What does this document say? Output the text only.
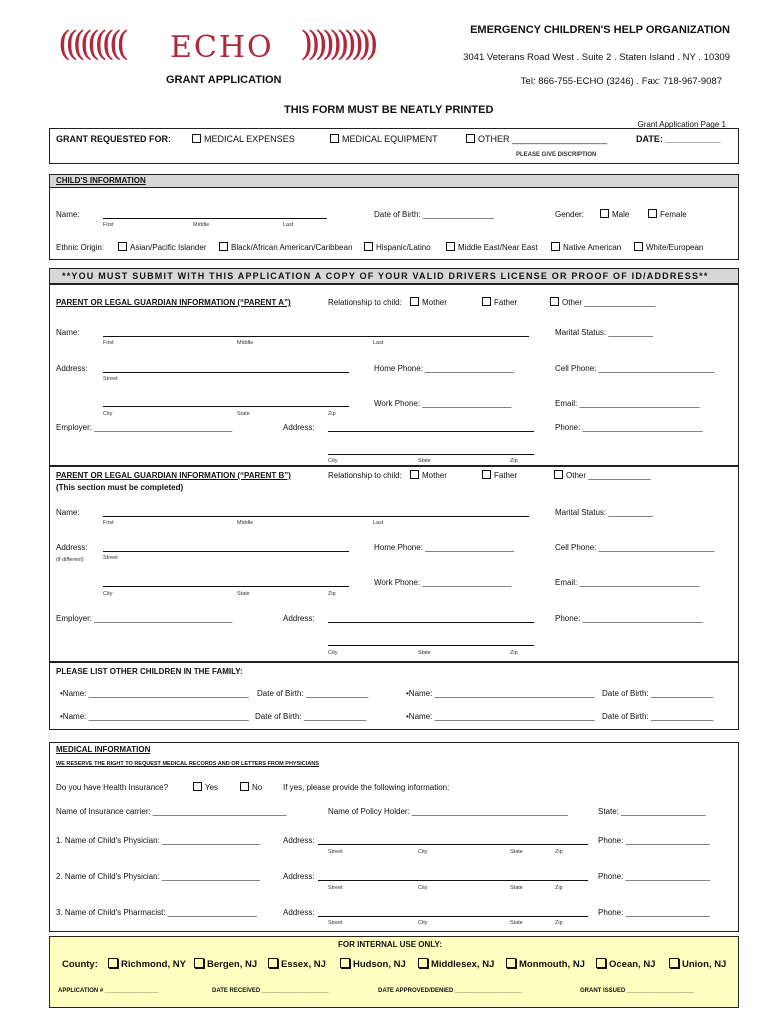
((((((((( ECHO ))))))))))
GRANT APPLICATION
EMERGENCY CHILDREN'S HELP ORGANIZATION
3041 Veterans Road West . Suite 2 . Staten Island . NY . 10309
Tel: 866-755-ECHO (3246) . Fax: 718-967-9087
THIS FORM MUST BE NEATLY PRINTED
Grant Application Page 1
GRANT REQUESTED FOR:	MEDICAL EXPENSES	MEDICAL EQUIPMENT	OTHER ___________________	DATE: ___________
PLEASE GIVE DISCRIPTION
CHILD'S INFORMATION
Name:
First	Middle	Last
Date of Birth: ________________	Gender:	Male	Female
Ethnic Origin:	Asian/Pacific Islander	Black/African American/Caribbean	Hispanic/Latino	Middle East/Near East	Native American	White/European
**YOU MUST SUBMIT WITH THIS APPLICATION A COPY OF YOUR VALID DRIVERS LICENSE OR PROOF OF ID/ADDRESS**
PARENT OR LEGAL GUARDIAN INFORMATION (“PARENT A”)	Relationship to child:	Mother	Father	Other ________________
Name:
First	Middle	Last
Marital Status: __________
Address:
Street
Home Phone: ____________________	Cell Phone: __________________________
City	State	Zip
Work Phone: ____________________	Email: ___________________________
Employer: _______________________________	Address:
City	State	Zip
Phone: ___________________________
PARENT OR LEGAL GUARDIAN INFORMATION (“PARENT B”)
(This section must be completed)
Relationship to child:	Mother	Father	Other ______________
Name:
First	Middle	Last
Marital Status: __________
Address:
(if different)	Street
Home Phone: ____________________	Cell Phone: __________________________
City	State	Zip
Work Phone: ____________________	Email: ___________________________
Employer: _______________________________	Address:
City	State	Zip
Phone: ___________________________
PLEASE LIST OTHER CHILDREN IN THE FAMILY:
•Name: ____________________________________ Date of Birth: ______________	•Name: ____________________________________ Date of Birth: ______________
•Name: ____________________________________ Date of Birth: ______________	•Name: ____________________________________ Date of Birth: ______________
MEDICAL INFORMATION
WE RESERVE THE RIGHT TO REQUEST MEDICAL RECORDS AND OR LETTERS FROM PHYSICIANS
Do you have Health Insurance?	Yes	No	If yes, please provide the following information:
Name of Insurance carrier: ______________________________	Name of Policy Holder: ___________________________________	State: ___________________
1. Name of Child's Physician: ______________________	Address:
Street	City	State	Zip
Phone: ___________________
2. Name of Child's Physician: ______________________	Address:
Street	City	State	Zip
Phone: ___________________
3. Name of Child's Pharmacist: ____________________	Address:
Street	City	State	Zip
Phone: ___________________
FOR INTERNAL USE ONLY:
County:	Richmond, NY	Bergen, NJ	Essex, NJ	Hudson, NJ	Middlesex, NJ	Monmouth, NJ	Ocean, NJ	Union, NJ
APPLICATION # ________________	DATE RECEIVED ____________________	DATE APPROVED/DENIED ____________________	GRANT ISSUED ____________________
